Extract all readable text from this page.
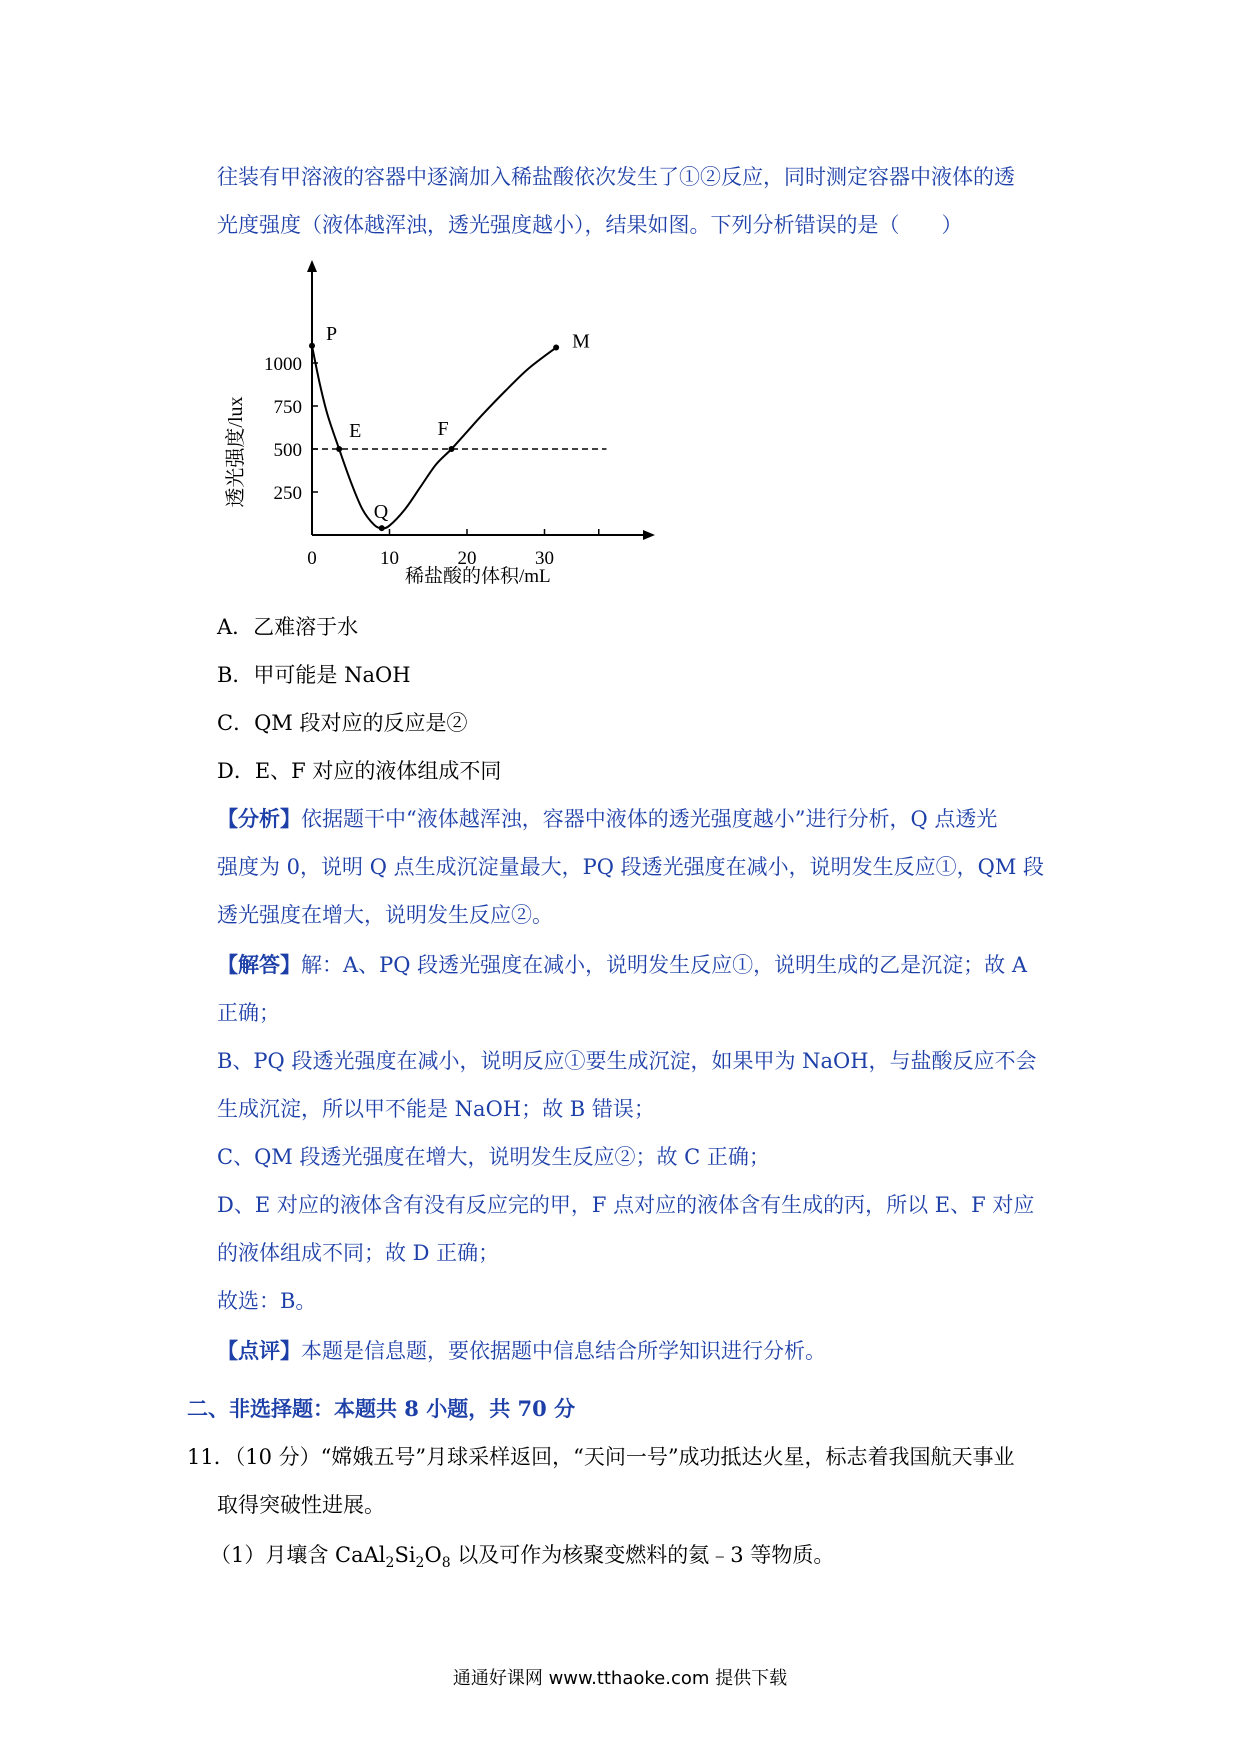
往装有甲溶液的容器中逐滴加入稀盐酸依次发生了①②反应，同时测定容器中液体的透
光度强度（液体越浑浊，透光强度越小），结果如图。下列分析错误的是（　　）
0	10	20	30
250
500
750
1000
P
E
Q
F
M
透光强度/lux
稀盐酸的体积/mL
A．乙难溶于水
B．甲可能是 NaOH
C．QM 段对应的反应是②
D．E、F 对应的液体组成不同
【分析】依据题干中“液体越浑浊，容器中液体的透光强度越小”进行分析，Q 点透光
强度为 0，说明 Q 点生成沉淀量最大，PQ 段透光强度在减小，说明发生反应①，QM 段
透光强度在增大，说明发生反应②。
【解答】解：A、PQ 段透光强度在减小，说明发生反应①，说明生成的乙是沉淀；故 A
正确；
B、PQ 段透光强度在减小，说明反应①要生成沉淀，如果甲为 NaOH，与盐酸反应不会
生成沉淀，所以甲不能是 NaOH；故 B 错误；
C、QM 段透光强度在增大，说明发生反应②；故 C 正确；
D、E 对应的液体含有没有反应完的甲，F 点对应的液体含有生成的丙，所以 E、F 对应
的液体组成不同；故 D 正确；
故选：B。
【点评】本题是信息题，要依据题中信息结合所学知识进行分析。
二、非选择题：本题共 8 小题，共 70 分
11．（10 分）“嫦娥五号”月球采样返回，“天问一号”成功抵达火星，标志着我国航天事业
取得突破性进展。
（1）月壤含 $CaAl_2Si_2O_8$ 以及可作为核聚变燃料的氦﹣3 等物质。
通通好课网 www.tthaoke.com 提供下载
